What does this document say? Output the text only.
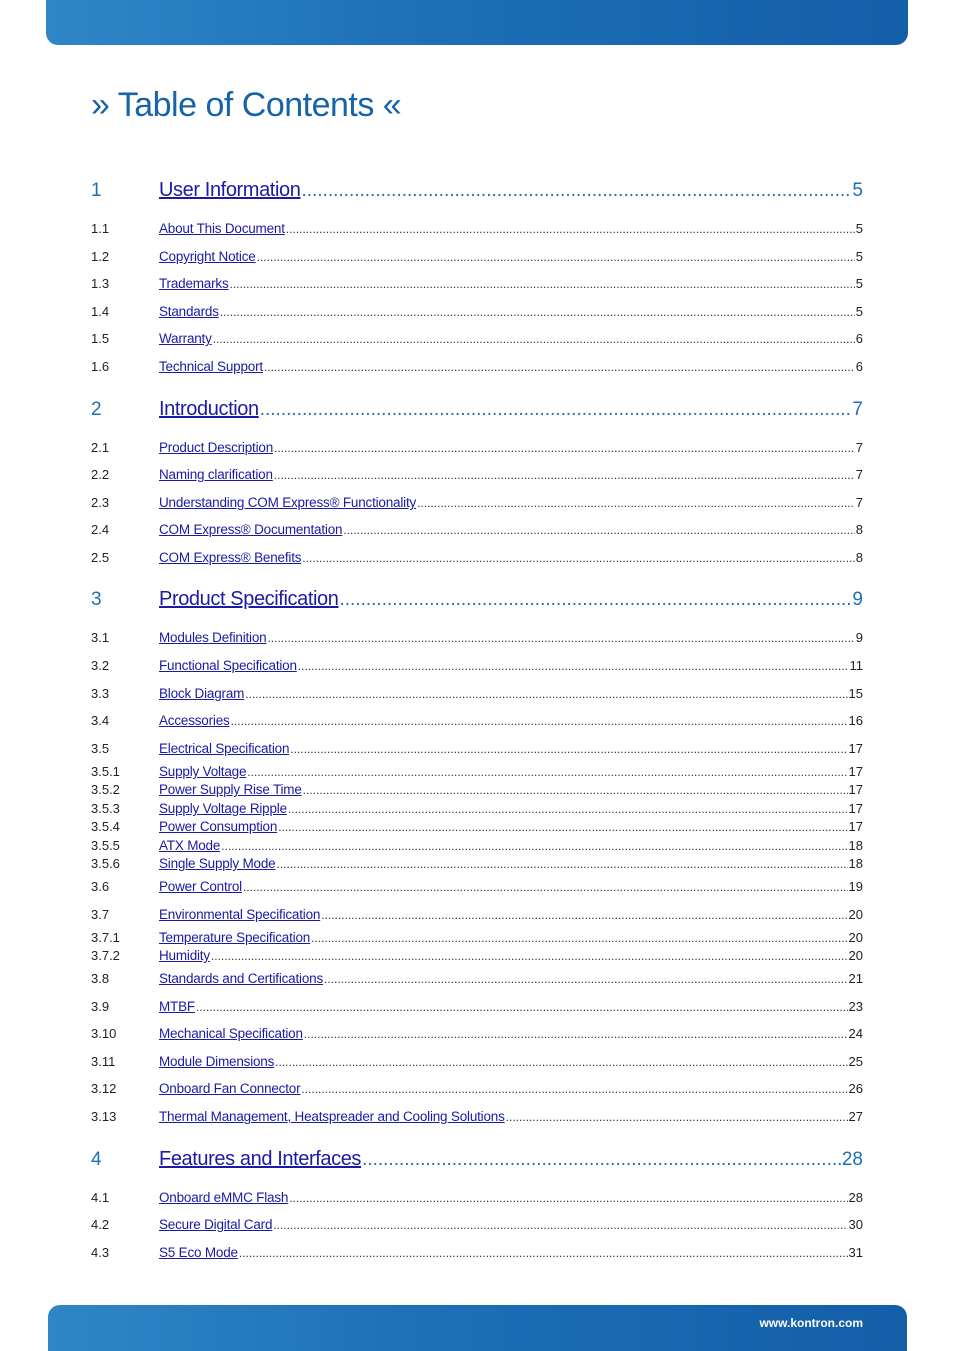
» Table of Contents «
1	User Information .....	5
1.1	About This Document .....	5
1.2	Copyright Notice .....	5
1.3	Trademarks .....	5
1.4	Standards .....	5
1.5	Warranty .....	6
1.6	Technical Support .....	6
2	Introduction .....	7
2.1	Product Description .....	7
2.2	Naming clarification .....	7
2.3	Understanding COM Express® Functionality .....	7
2.4	COM Express® Documentation .....	8
2.5	COM Express® Benefits .....	8
3	Product Specification .....	9
3.1	Modules Definition .....	9
3.2	Functional Specification .....	11
3.3	Block Diagram .....	15
3.4	Accessories .....	16
3.5	Electrical Specification .....	17
3.5.1	Supply Voltage .....	17
3.5.2	Power Supply Rise Time .....	17
3.5.3	Supply Voltage Ripple .....	17
3.5.4	Power Consumption .....	17
3.5.5	ATX Mode .....	18
3.5.6	Single Supply Mode .....	18
3.6	Power Control .....	19
3.7	Environmental Specification .....	20
3.7.1	Temperature Specification .....	20
3.7.2	Humidity .....	20
3.8	Standards and Certifications .....	21
3.9	MTBF .....	23
3.10	Mechanical Specification .....	24
3.11	Module Dimensions .....	25
3.12	Onboard Fan Connector .....	26
3.13	Thermal Management, Heatspreader and Cooling Solutions .....	27
4	Features and Interfaces .....	28
4.1	Onboard eMMC Flash .....	28
4.2	Secure Digital Card .....	30
4.3	S5 Eco Mode .....	31
www.kontron.com
